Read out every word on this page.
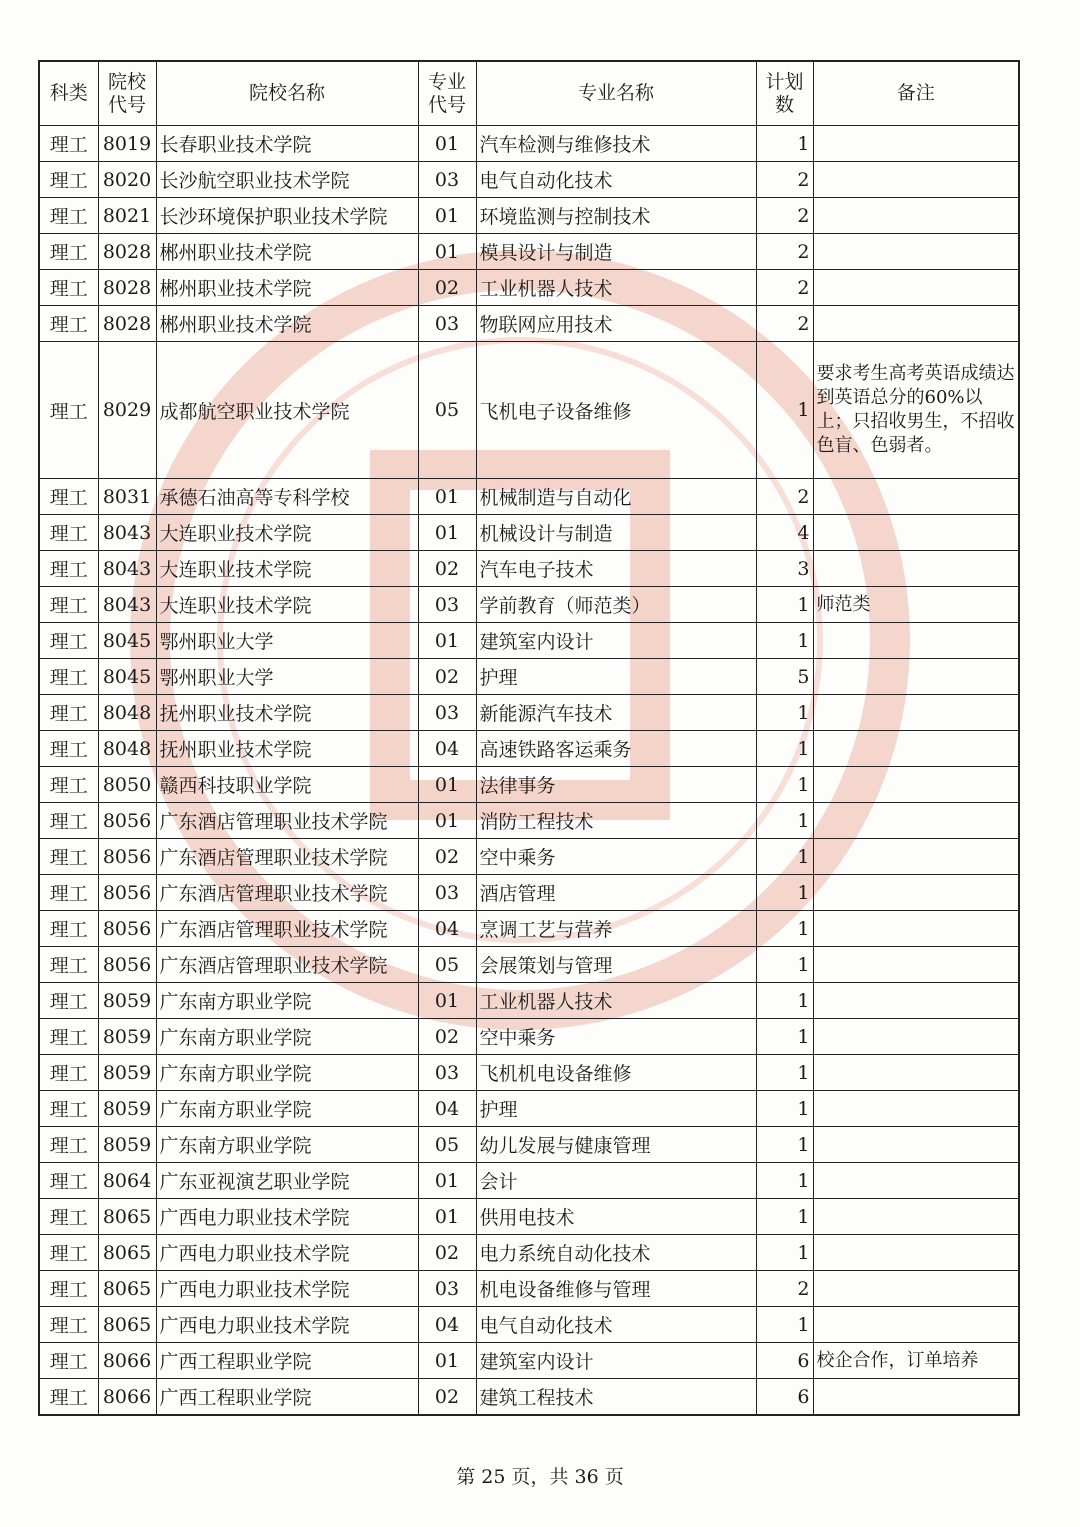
科类	院校代号	院校名称	专业代号	专业名称	计划数	备注
理工	8019	长春职业技术学院	01	汽车检测与维修技术	1	
理工	8020	长沙航空职业技术学院	03	电气自动化技术	2	
理工	8021	长沙环境保护职业技术学院	01	环境监测与控制技术	2	
理工	8028	郴州职业技术学院	01	模具设计与制造	2	
理工	8028	郴州职业技术学院	02	工业机器人技术	2	
理工	8028	郴州职业技术学院	03	物联网应用技术	2	
理工	8029	成都航空职业技术学院	05	飞机电子设备维修	1	要求考生高考英语成绩达到英语总分的60%以上；只招收男生，不招收色盲、色弱者。
理工	8031	承德石油高等专科学校	01	机械制造与自动化	2	
理工	8043	大连职业技术学院	01	机械设计与制造	4	
理工	8043	大连职业技术学院	02	汽车电子技术	3	
理工	8043	大连职业技术学院	03	学前教育（师范类）	1	师范类
理工	8045	鄂州职业大学	01	建筑室内设计	1	
理工	8045	鄂州职业大学	02	护理	5	
理工	8048	抚州职业技术学院	03	新能源汽车技术	1	
理工	8048	抚州职业技术学院	04	高速铁路客运乘务	1	
理工	8050	赣西科技职业学院	01	法律事务	1	
理工	8056	广东酒店管理职业技术学院	01	消防工程技术	1	
理工	8056	广东酒店管理职业技术学院	02	空中乘务	1	
理工	8056	广东酒店管理职业技术学院	03	酒店管理	1	
理工	8056	广东酒店管理职业技术学院	04	烹调工艺与营养	1	
理工	8056	广东酒店管理职业技术学院	05	会展策划与管理	1	
理工	8059	广东南方职业学院	01	工业机器人技术	1	
理工	8059	广东南方职业学院	02	空中乘务	1	
理工	8059	广东南方职业学院	03	飞机机电设备维修	1	
理工	8059	广东南方职业学院	04	护理	1	
理工	8059	广东南方职业学院	05	幼儿发展与健康管理	1	
理工	8064	广东亚视演艺职业学院	01	会计	1	
理工	8065	广西电力职业技术学院	01	供用电技术	1	
理工	8065	广西电力职业技术学院	02	电力系统自动化技术	1	
理工	8065	广西电力职业技术学院	03	机电设备维修与管理	2	
理工	8065	广西电力职业技术学院	04	电气自动化技术	1	
理工	8066	广西工程职业学院	01	建筑室内设计	6	校企合作，订单培养
理工	8066	广西工程职业学院	02	建筑工程技术	6	
第 25 页，共 36 页
